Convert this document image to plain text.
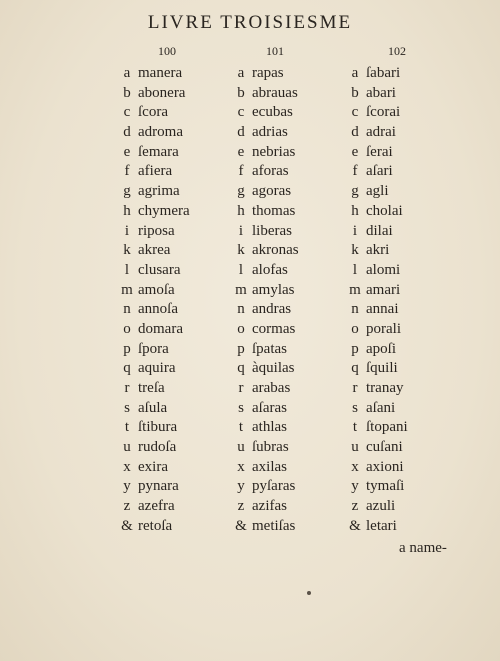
LIVRE TROISIESME
100	101	102
a manera
b abonera
c ſcora
d adroma
e ſemara
f afiera
g agrima
h chymera
i riposa
k akrea
l clusara
m amoſa
n annoſa
o domara
p ſpora
q aquira
r treſa
s aſula
t ſtibura
u rudoſa
x exira
y pynara
z azefra
& retoſa
a rapas
b abrauas
c ecubas
d adrias
e nebrias
f aforas
g agoras
h thomas
i liberas
k akronas
l alofas
m amylas
n andras
o cormas
p ſpatas
q àquilas
r arabas
s aſaras
t athlas
u ſubras
x axilas
y pyſaras
z azifas
& metiſas
a ſabari
b abari
c ſcorai
d adrai
e ſerai
f aſari
g agli
h cholai
i dilai
k akri
l alomi
m amari
n annai
o porali
p apoſi
q ſquili
r tranay
s aſani
t ſtopani
u cuſani
x axioni
y tymaſi
z azuli
& letari
a name-
